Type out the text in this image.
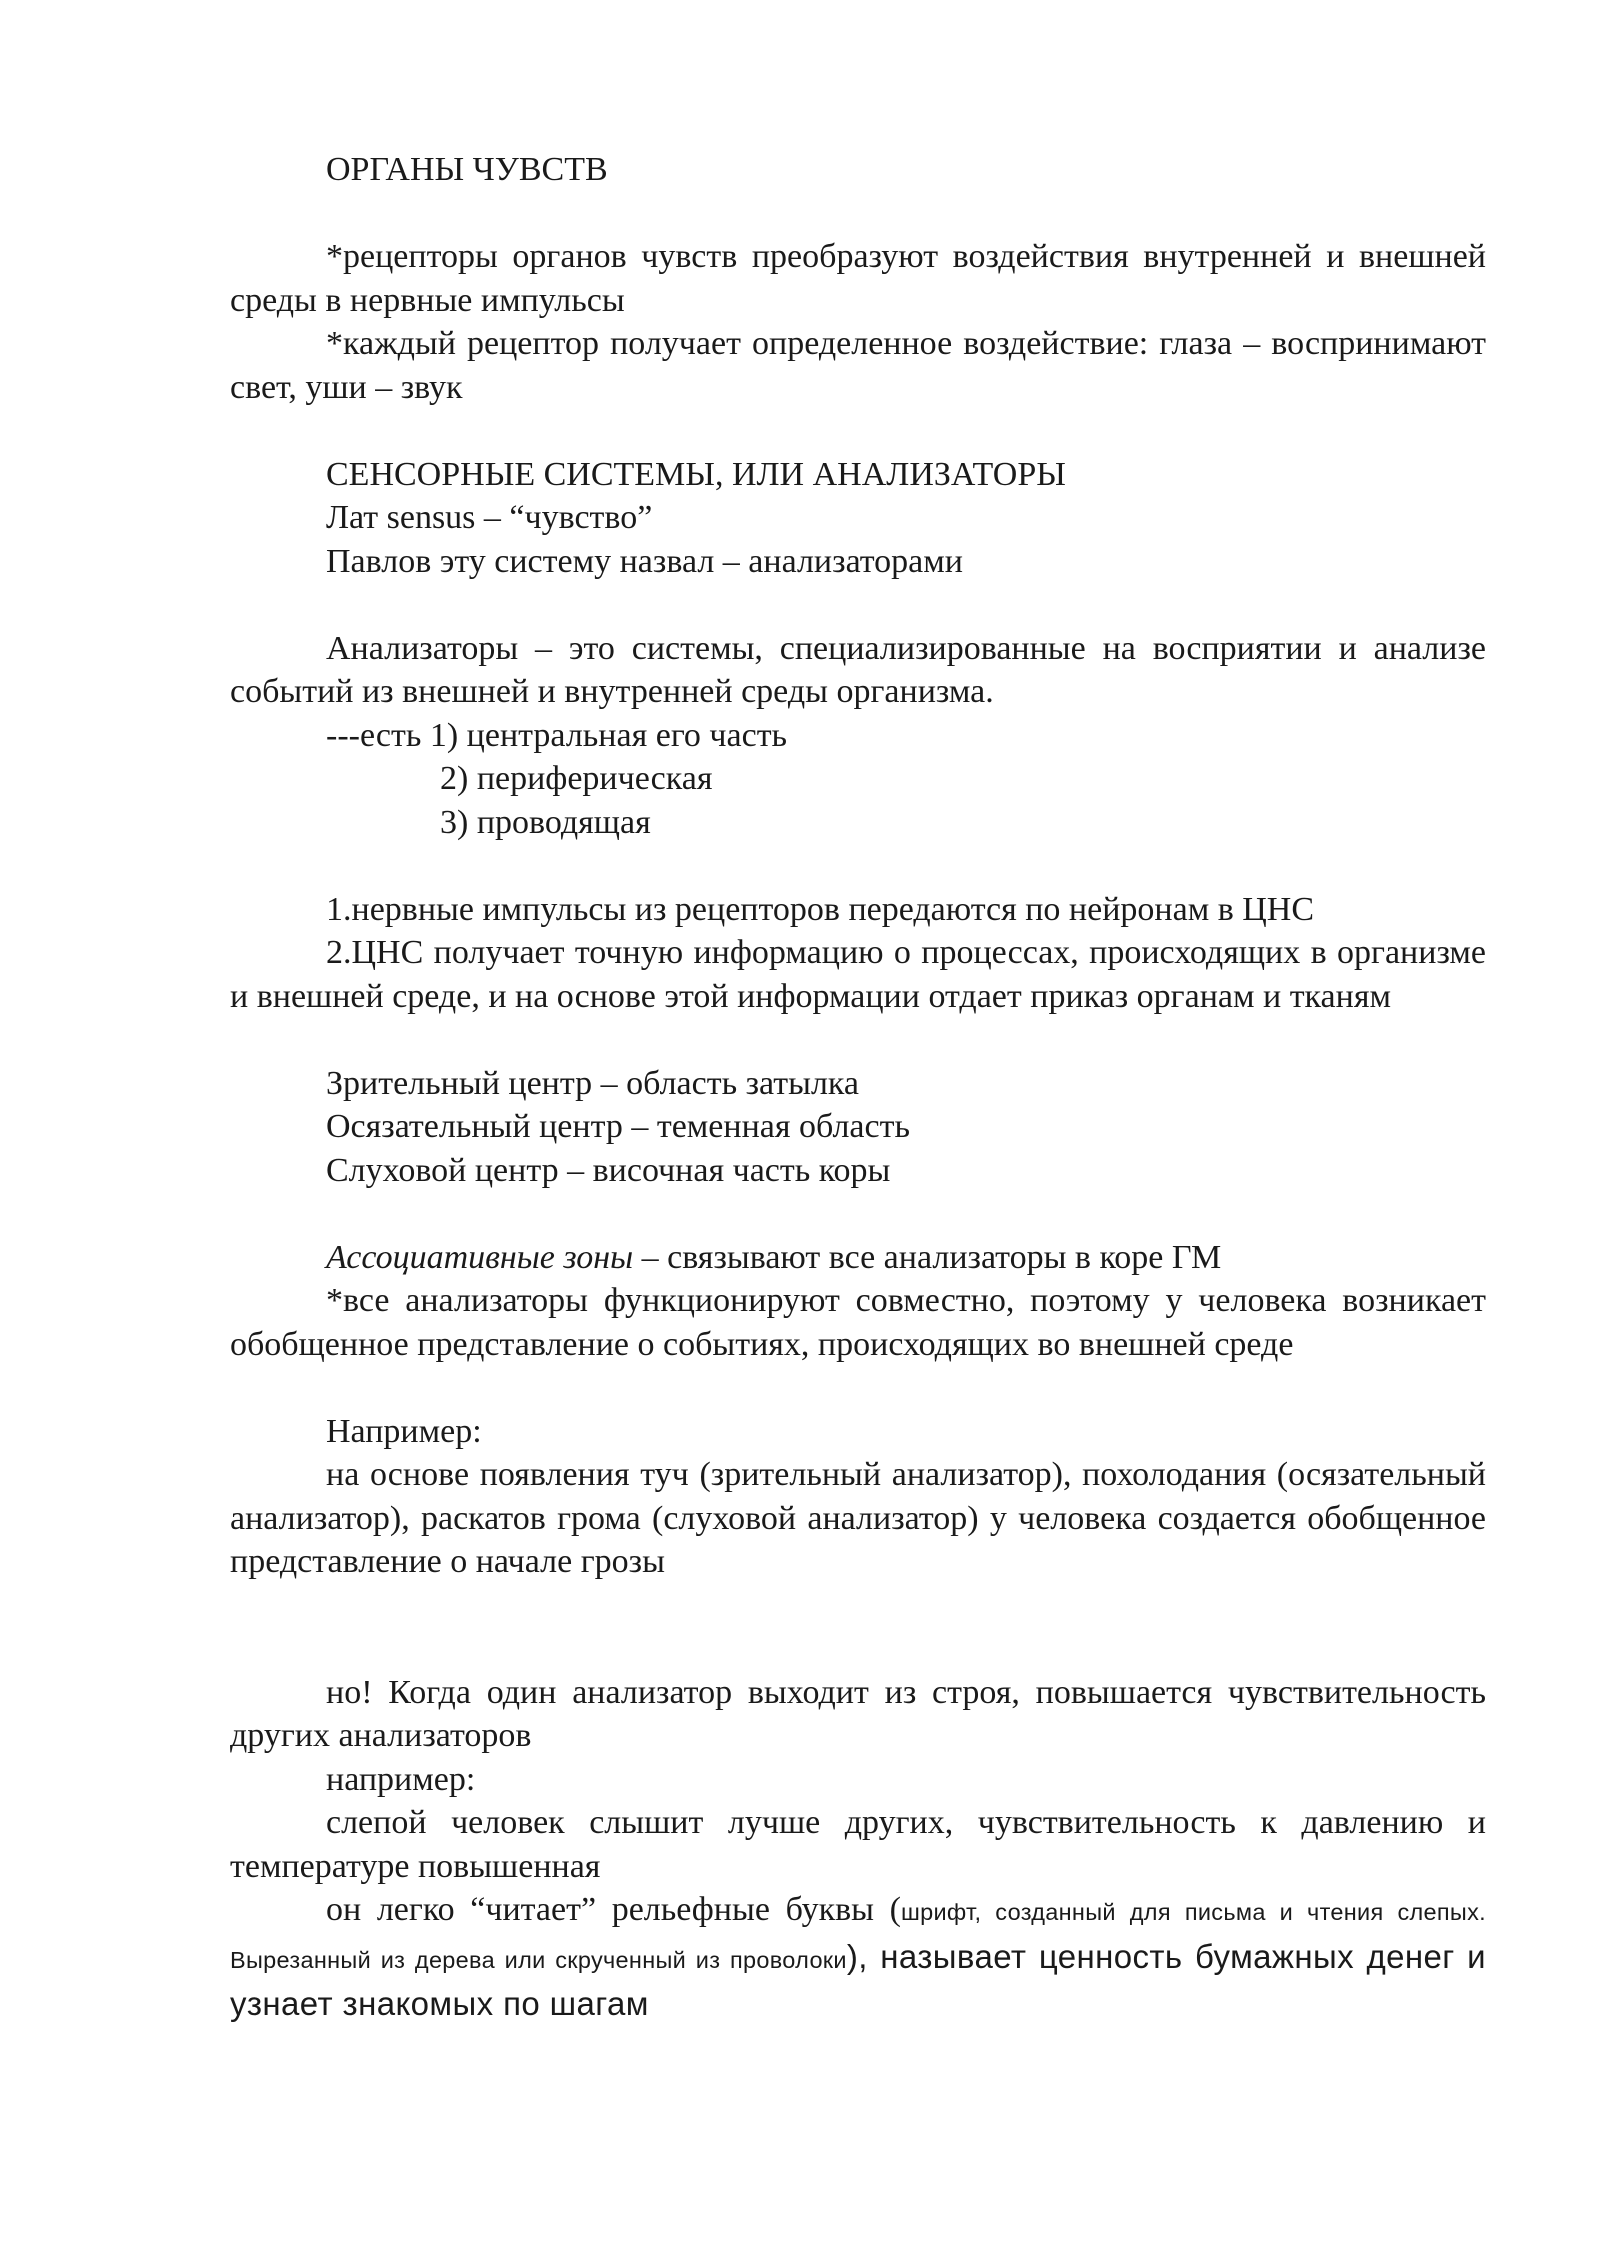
ОРГАНЫ ЧУВСТВ

*рецепторы органов чувств преобразуют воздействия внутренней и внешней среды в нервные импульсы

*каждый рецептор получает определенное воздействие: глаза – воспринимают свет, уши – звук

СЕНСОРНЫЕ СИСТЕМЫ, ИЛИ АНАЛИЗАТОРЫ

Лат sensus – “чувство”

Павлов эту систему назвал – анализаторами

Анализаторы – это системы, специализированные на восприятии и анализе событий из внешней и внутренней среды организма.

---есть 1) центральная его часть

2) периферическая

3) проводящая

1.нервные импульсы из рецепторов передаются по нейронам в ЦНС

2.ЦНС получает точную информацию о процессах, происходящих в организме и внешней среде, и на основе этой информации отдает приказ органам и тканям

Зрительный центр – область затылка

Осязательный центр – теменная область

Слуховой центр – височная часть коры

Ассоциативные зоны – связывают все анализаторы в коре ГМ

*все анализаторы функционируют совместно, поэтому у человека возникает обобщенное представление о событиях, происходящих во внешней среде

Например:

на основе появления туч (зрительный анализатор), похолодания (осязательный анализатор), раскатов грома (слуховой анализатор) у человека создается обобщенное представление о начале грозы

но! Когда один анализатор выходит из строя, повышается чувствительность других анализаторов

например:

слепой человек слышит лучше других, чувствительность к давлению и температуре повышенная

он легко “читает” рельефные буквы (шрифт, созданный для письма и чтения слепых. Вырезанный из дерева или скрученный из проволоки), называет ценность бумажных денег и узнает знакомых по шагам
